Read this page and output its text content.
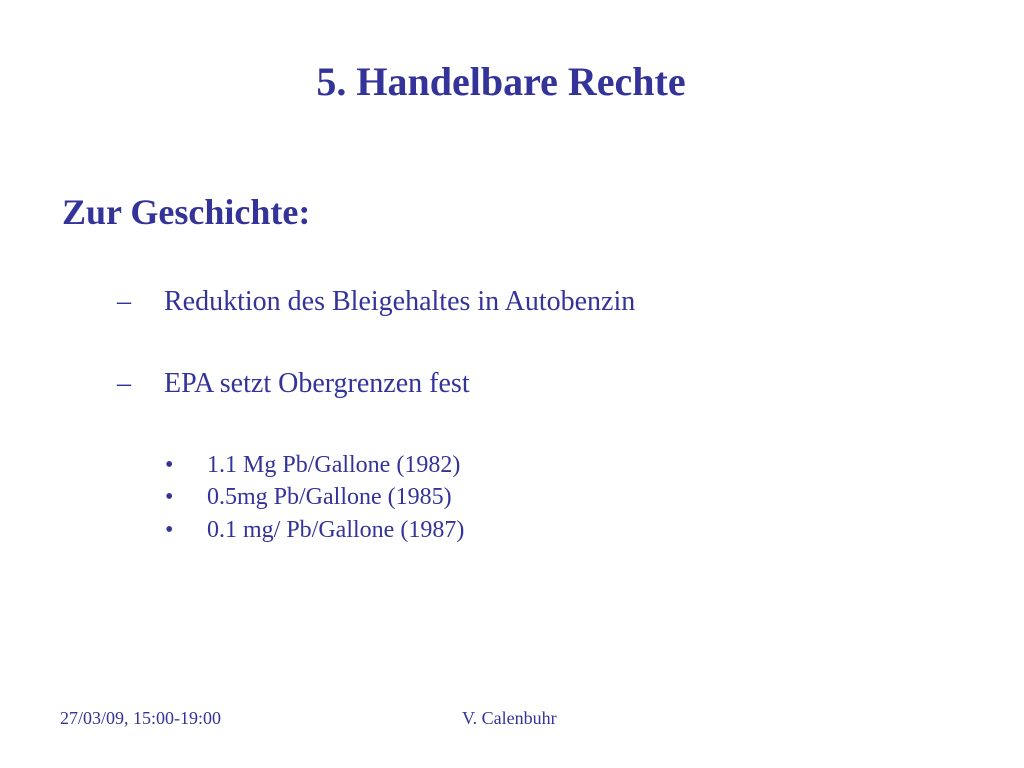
5. Handelbare Rechte
Zur Geschichte:
– Reduktion des Bleigehaltes in Autobenzin
– EPA setzt Obergrenzen fest
• 1.1 Mg Pb/Gallone (1982)
• 0.5mg Pb/Gallone (1985)
• 0.1 mg/ Pb/Gallone (1987)
27/03/09, 15:00-19:00	V. Calenbuhr
